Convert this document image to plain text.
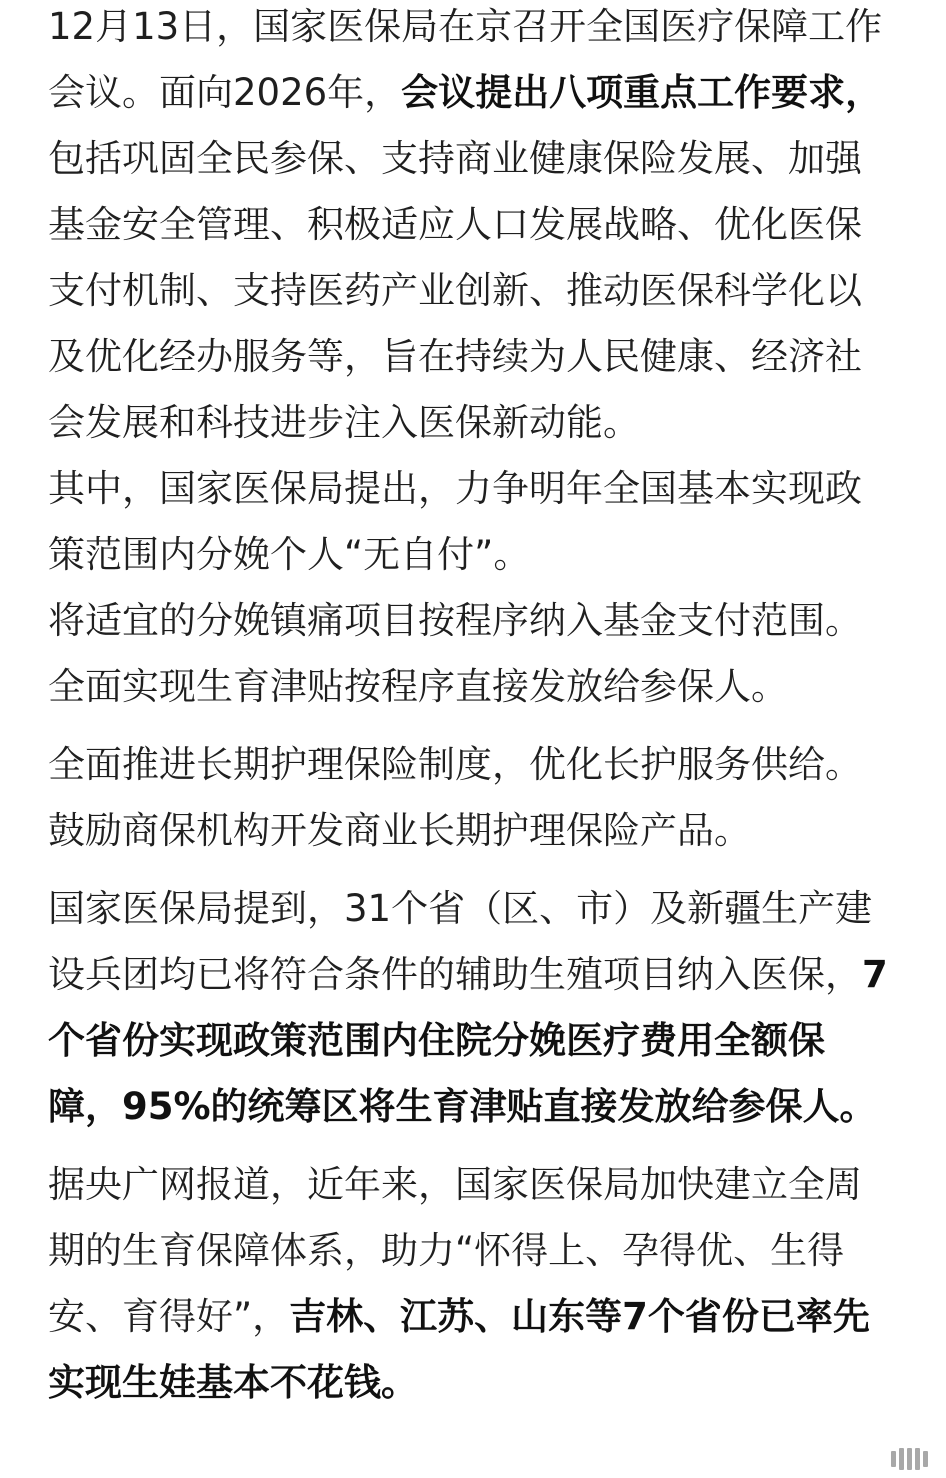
12月13日，国家医保局在京召开全国医疗保障工作会议。面向2026年，会议提出八项重点工作要求，包括巩固全民参保、支持商业健康保险发展、加强基金安全管理、积极适应人口发展战略、优化医保支付机制、支持医药产业创新、推动医保科学化以及优化经办服务等，旨在持续为人民健康、经济社会发展和科技进步注入医保新动能。

其中，国家医保局提出，力争明年全国基本实现政策范围内分娩个人“无自付”。

将适宜的分娩镇痛项目按程序纳入基金支付范围。

全面实现生育津贴按程序直接发放给参保人。

全面推进长期护理保险制度，优化长护服务供给。

鼓励商保机构开发商业长期护理保险产品。

国家医保局提到，31个省（区、市）及新疆生产建设兵团均已将符合条件的辅助生殖项目纳入医保，7个省份实现政策范围内住院分娩医疗费用全额保障，95%的统筹区将生育津贴直接发放给参保人。

据央广网报道，近年来，国家医保局加快建立全周期的生育保障体系，助力“怀得上、孕得优、生得安、育得好”，吉林、江苏、山东等7个省份已率先实现生娃基本不花钱。
